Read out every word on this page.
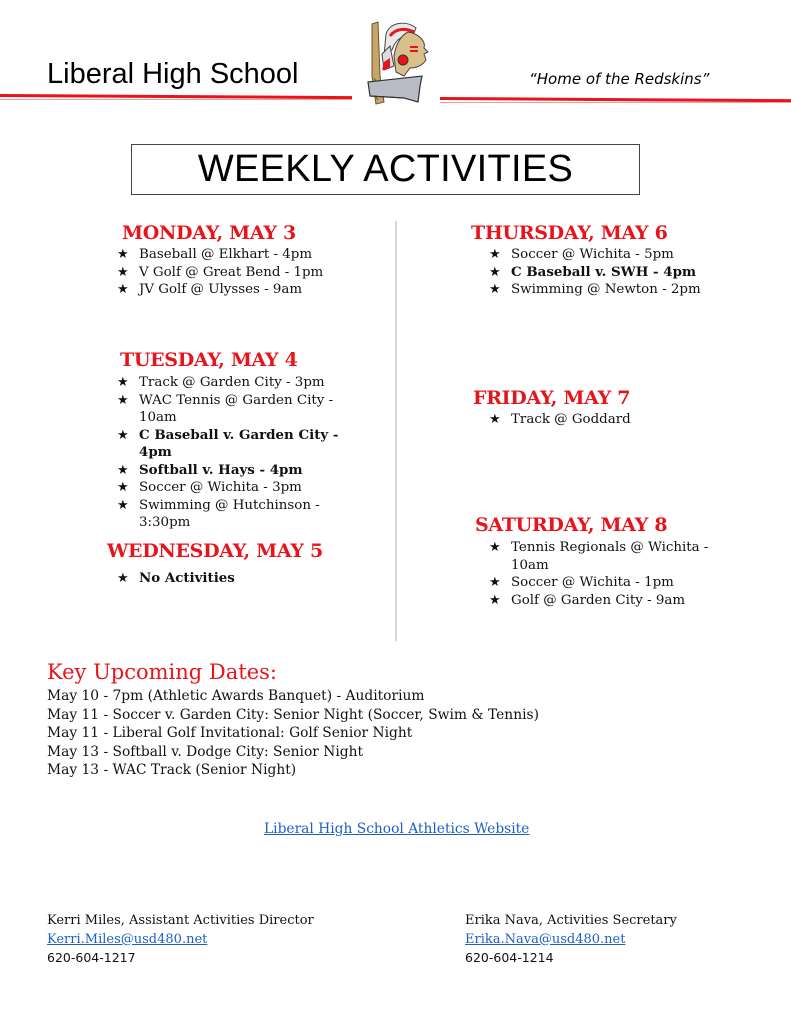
Liberal High School	“Home of the Redskins”
WEEKLY ACTIVITIES
MONDAY, MAY 3
★ Baseball @ Elkhart - 4pm
★ V Golf @ Great Bend - 1pm
★ JV Golf @ Ulysses - 9am
TUESDAY, MAY 4
★ Track @ Garden City - 3pm
★ WAC Tennis @ Garden City - 10am
★ C Baseball v. Garden City - 4pm
★ Softball v. Hays - 4pm
★ Soccer @ Wichita - 3pm
★ Swimming @ Hutchinson - 3:30pm
WEDNESDAY, MAY 5
★ No Activities
THURSDAY, MAY 6
★ Soccer @ Wichita - 5pm
★ C Baseball v. SWH - 4pm
★ Swimming @ Newton - 2pm
FRIDAY, MAY 7
★ Track @ Goddard
SATURDAY, MAY 8
★ Tennis Regionals @ Wichita - 10am
★ Soccer @ Wichita - 1pm
★ Golf @ Garden City - 9am
Key Upcoming Dates:
May 10 - 7pm (Athletic Awards Banquet) - Auditorium
May 11 - Soccer v. Garden City: Senior Night (Soccer, Swim & Tennis)
May 11 - Liberal Golf Invitational: Golf Senior Night
May 13 - Softball v. Dodge City: Senior Night
May 13 - WAC Track (Senior Night)
Liberal High School Athletics Website
Kerri Miles, Assistant Activities Director
Kerri.Miles@usd480.net
620-604-1217
Erika Nava, Activities Secretary
Erika.Nava@usd480.net
620-604-1214
